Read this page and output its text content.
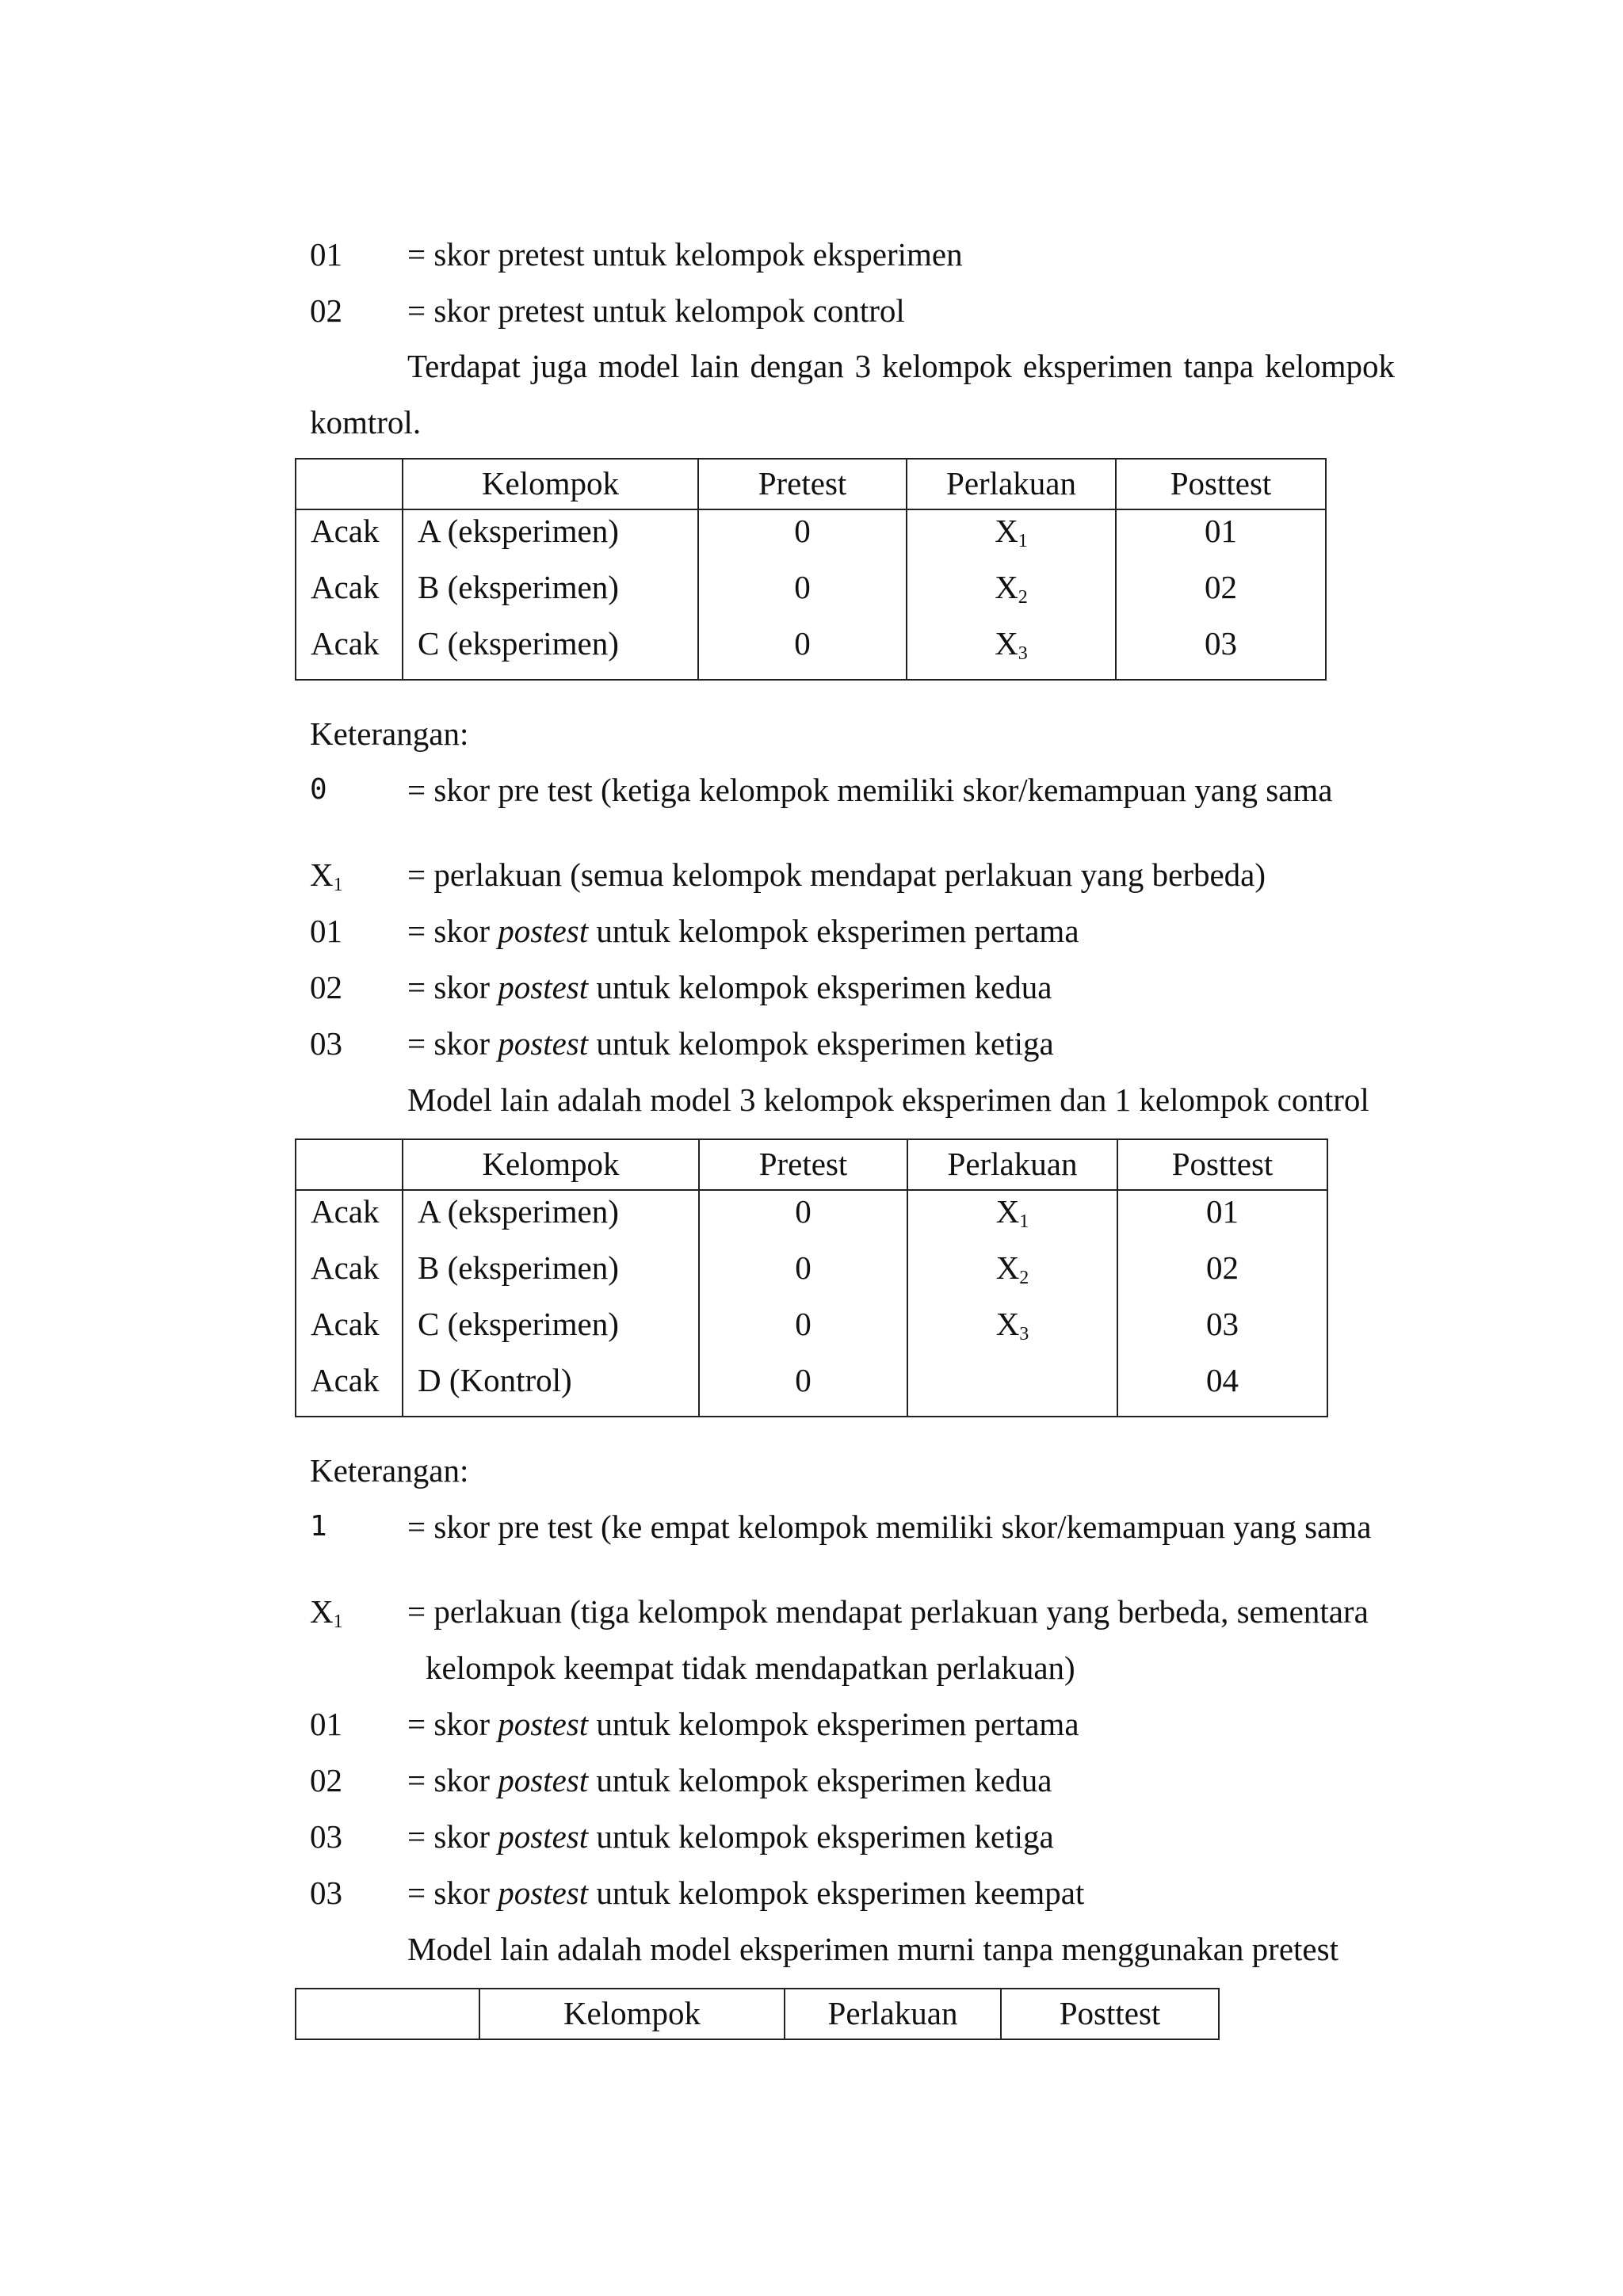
01 = skor pretest untuk kelompok eksperimen
02 = skor pretest untuk kelompok control
Terdapat juga model lain dengan 3 kelompok eksperimen tanpa kelompok komtrol.
	Kelompok	Pretest	Perlakuan	Posttest
Acak	A (eksperimen)	0	$X_1$	01
Acak	B (eksperimen)	0	$X_2$	02
Acak	C (eksperimen)	0	$X_3$	03
Keterangan:
0 = skor pre test (ketiga kelompok memiliki skor/kemampuan yang sama
$X_1$ = perlakuan (semua kelompok mendapat perlakuan yang berbeda)
01 = skor postest untuk kelompok eksperimen pertama
02 = skor postest untuk kelompok eksperimen kedua
03 = skor postest untuk kelompok eksperimen ketiga
Model lain adalah model 3 kelompok eksperimen dan 1 kelompok control
	Kelompok	Pretest	Perlakuan	Posttest
Acak	A (eksperimen)	0	$X_1$	01
Acak	B (eksperimen)	0	$X_2$	02
Acak	C (eksperimen)	0	$X_3$	03
Acak	D (Kontrol)	0		04
Keterangan:
1 = skor pre test (ke empat kelompok memiliki skor/kemampuan yang sama
$X_1$ = perlakuan (tiga kelompok mendapat perlakuan yang berbeda, sementara
kelompok keempat tidak mendapatkan perlakuan)
01 = skor postest untuk kelompok eksperimen pertama
02 = skor postest untuk kelompok eksperimen kedua
03 = skor postest untuk kelompok eksperimen ketiga
03 = skor postest untuk kelompok eksperimen keempat
Model lain adalah model eksperimen murni tanpa menggunakan pretest
	Kelompok	Perlakuan	Posttest
